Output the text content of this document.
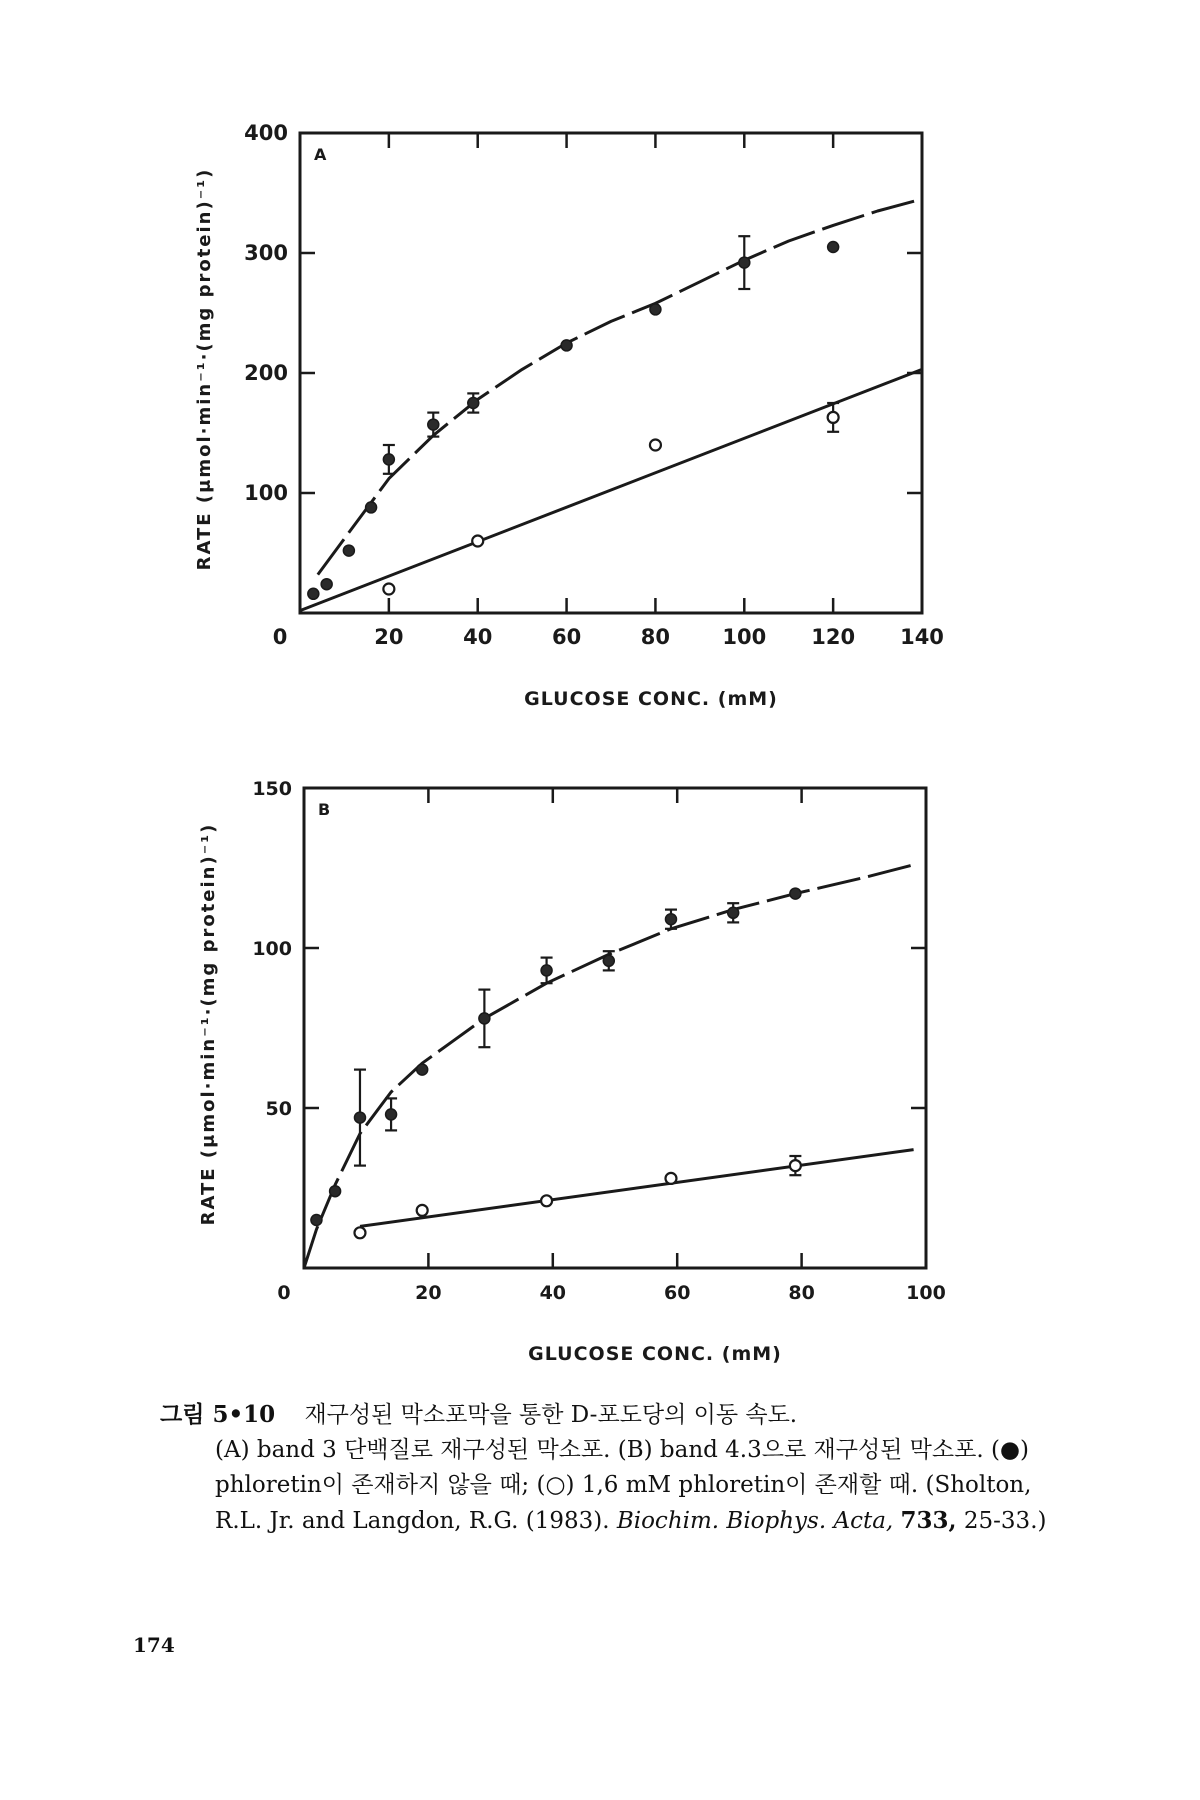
A
0	20	40	60	80 100 120 140
100
200
300
400
GLUCOSE CONC. (mM)
RATE (μmol·min⁻¹·(mg protein)⁻¹)
B
0	20	40	60	80	100
50
100
150
GLUCOSE CONC. (mM)
RATE (μmol·min⁻¹·(mg protein)⁻¹)
그림 5•10 재구성된 막소포막을 통한 D-포도당의 이동 속도.
(A) band 3 단백질로 재구성된 막소포. (B) band 4.3으로 재구성된 막소포. (●) phloretin이 존재하지 않을 때; (○) 1,6 mM phloretin이 존재할 때. (Sholton, R.L. Jr. and Langdon, R.G. (1983). Biochim. Biophys. Acta, 733, 25-33.)
174
